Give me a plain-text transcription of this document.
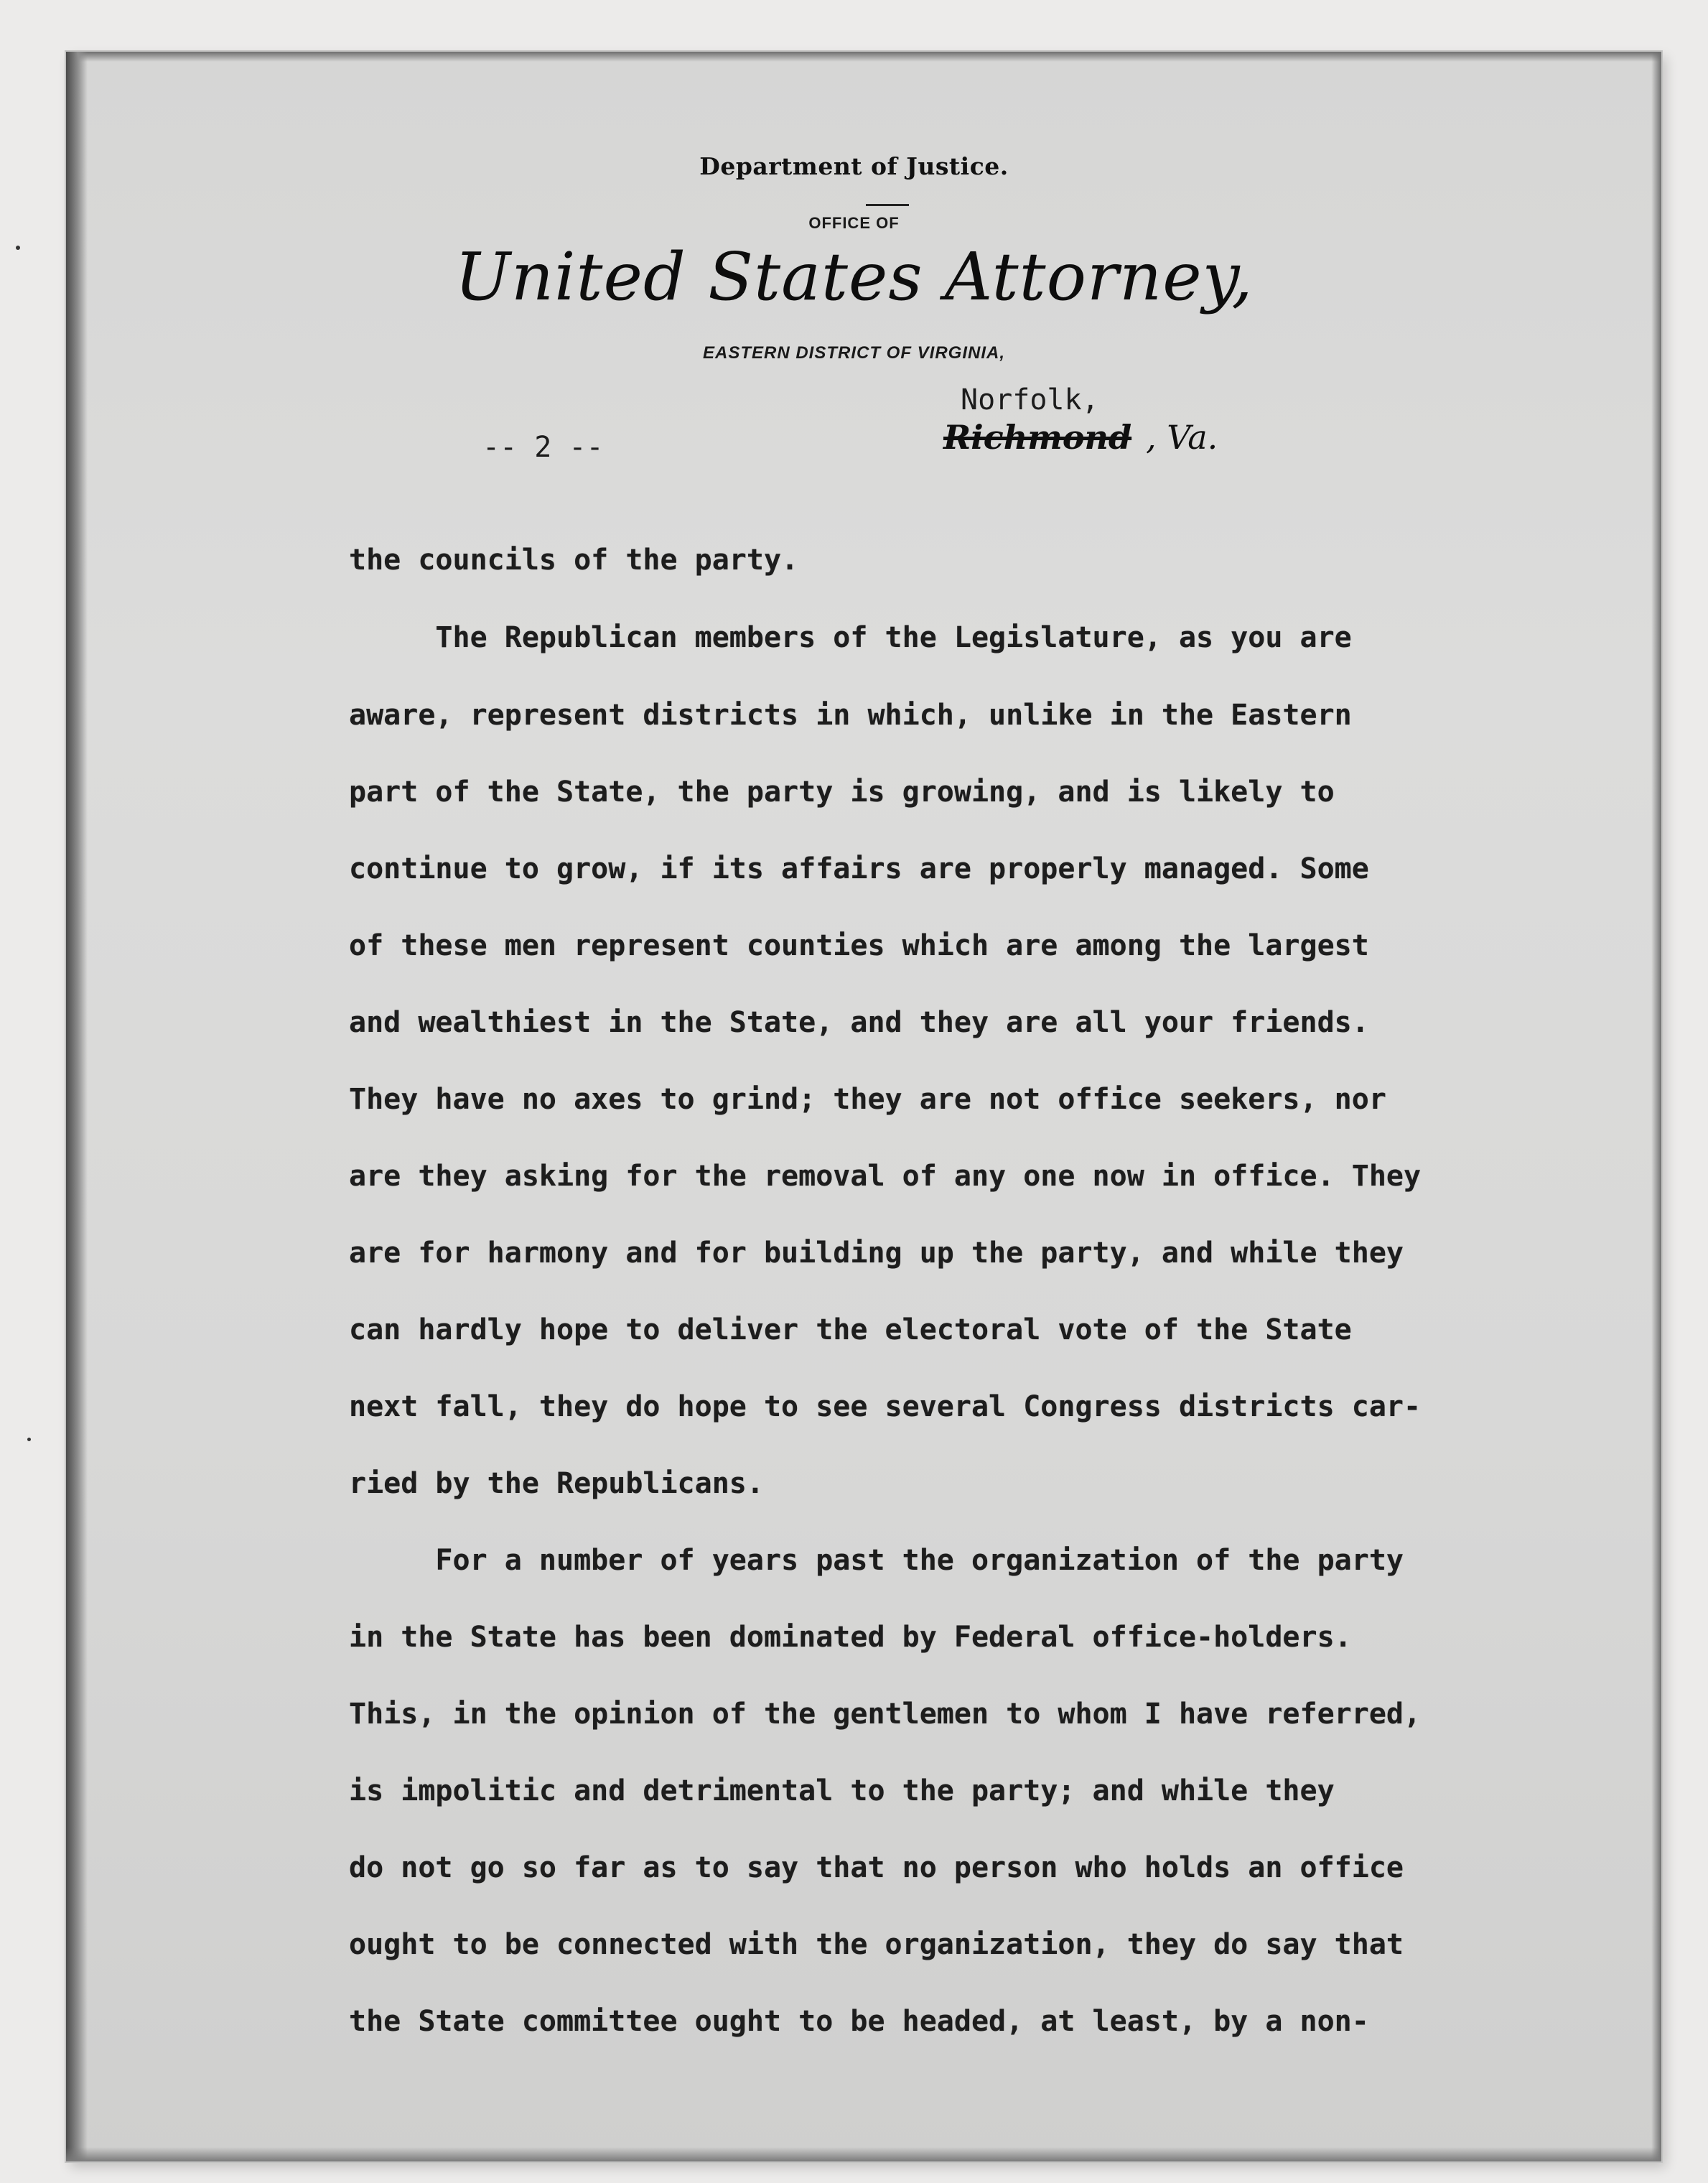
Department of Justice.
OFFICE OF
United States Attorney,
EASTERN DISTRICT OF VIRGINIA,
Norfolk,
Richmond , Va.
-- 2 --
the councils of the party.
The Republican members of the Legislature, as you are
aware, represent districts in which, unlike in the Eastern
part of the State, the party is growing, and is likely to
continue to grow, if its affairs are properly managed. Some
of these men represent counties which are among the largest
and wealthiest in the State, and they are all your friends.
They have no axes to grind; they are not office seekers, nor
are they asking for the removal of any one now in office. They
are for harmony and for building up the party, and while they
can hardly hope to deliver the electoral vote of the State
next fall, they do hope to see several Congress districts car-
ried by the Republicans.
For a number of years past the organization of the party
in the State has been dominated by Federal office-holders.
This, in the opinion of the gentlemen to whom I have referred,
is impolitic and detrimental to the party; and while they
do not go so far as to say that no person who holds an office
ought to be connected with the organization, they do say that
the State committee ought to be headed, at least, by a non-
